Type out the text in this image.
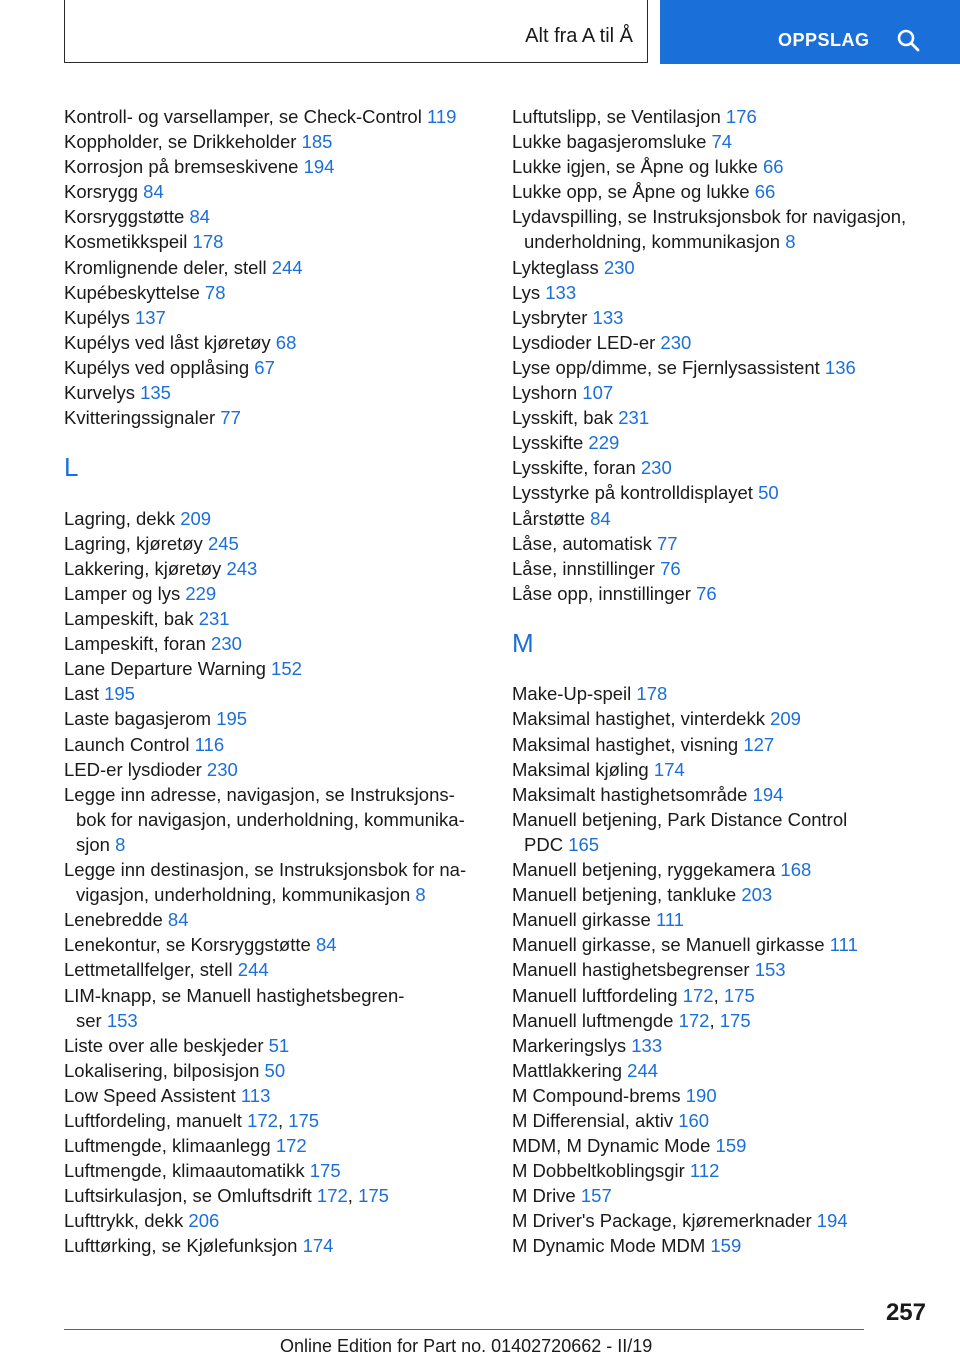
Alt fra A til Å	OPPSLAG

Kontroll- og varsellamper, se Check-Control 119

Koppholder, se Drikkeholder 185

Korrosjon på bremseskivene 194

Korsrygg 84

Korsryggstøtte 84

Kosmetikkspeil 178

Kromlignende deler, stell 244

Kupébeskyttelse 78

Kupélys 137

Kupélys ved låst kjøretøy 68

Kupélys ved opplåsing 67

Kurvelys 135

Kvitteringssignaler 77

L

Lagring, dekk 209

Lagring, kjøretøy 245

Lakkering, kjøretøy 243

Lamper og lys 229

Lampeskift, bak 231

Lampeskift, foran 230

Lane Departure Warning 152

Last 195

Laste bagasjerom 195

Launch Control 116

LED-er lysdioder 230

Legge inn adresse, navigasjon, se Instruksjons-
bok for navigasjon, underholdning, kommunika-
sjon 8

Legge inn destinasjon, se Instruksjonsbok for na-
vigasjon, underholdning, kommunikasjon 8

Lenebredde 84

Lenekontur, se Korsryggstøtte 84

Lettmetallfelger, stell 244

LIM-knapp, se Manuell hastighetsbegren-
ser 153

Liste over alle beskjeder 51

Lokalisering, bilposisjon 50

Low Speed Assistent 113

Luftfordeling, manuelt 172, 175

Luftmengde, klimaanlegg 172

Luftmengde, klimaautomatikk 175

Luftsirkulasjon, se Omluftsdrift 172, 175

Lufttrykk, dekk 206

Lufttørking, se Kjølefunksjon 174

Luftutslipp, se Ventilasjon 176

Lukke bagasjeromsluke 74

Lukke igjen, se Åpne og lukke 66

Lukke opp, se Åpne og lukke 66

Lydavspilling, se Instruksjonsbok for navigasjon,
underholdning, kommunikasjon 8

Lykteglass 230

Lys 133

Lysbryter 133

Lysdioder LED-er 230

Lyse opp/dimme, se Fjernlysassistent 136

Lyshorn 107

Lysskift, bak 231

Lysskifte 229

Lysskifte, foran 230

Lysstyrke på kontrolldisplayet 50

Lårstøtte 84

Låse, automatisk 77

Låse, innstillinger 76

Låse opp, innstillinger 76

M

Make-Up-speil 178

Maksimal hastighet, vinterdekk 209

Maksimal hastighet, visning 127

Maksimal kjøling 174

Maksimalt hastighetsområde 194

Manuell betjening, Park Distance Control
PDC 165

Manuell betjening, ryggekamera 168

Manuell betjening, tankluke 203

Manuell girkasse 111

Manuell girkasse, se Manuell girkasse 111

Manuell hastighetsbegrenser 153

Manuell luftfordeling 172, 175

Manuell luftmengde 172, 175

Markeringslys 133

Mattlakkering 244

M Compound-brems 190

M Differensial, aktiv 160

MDM, M Dynamic Mode 159

M Dobbeltkoblingsgir 112

M Drive 157

M Driver's Package, kjøremerknader 194

M Dynamic Mode MDM 159

257
Online Edition for Part no. 01402720662 - II/19
